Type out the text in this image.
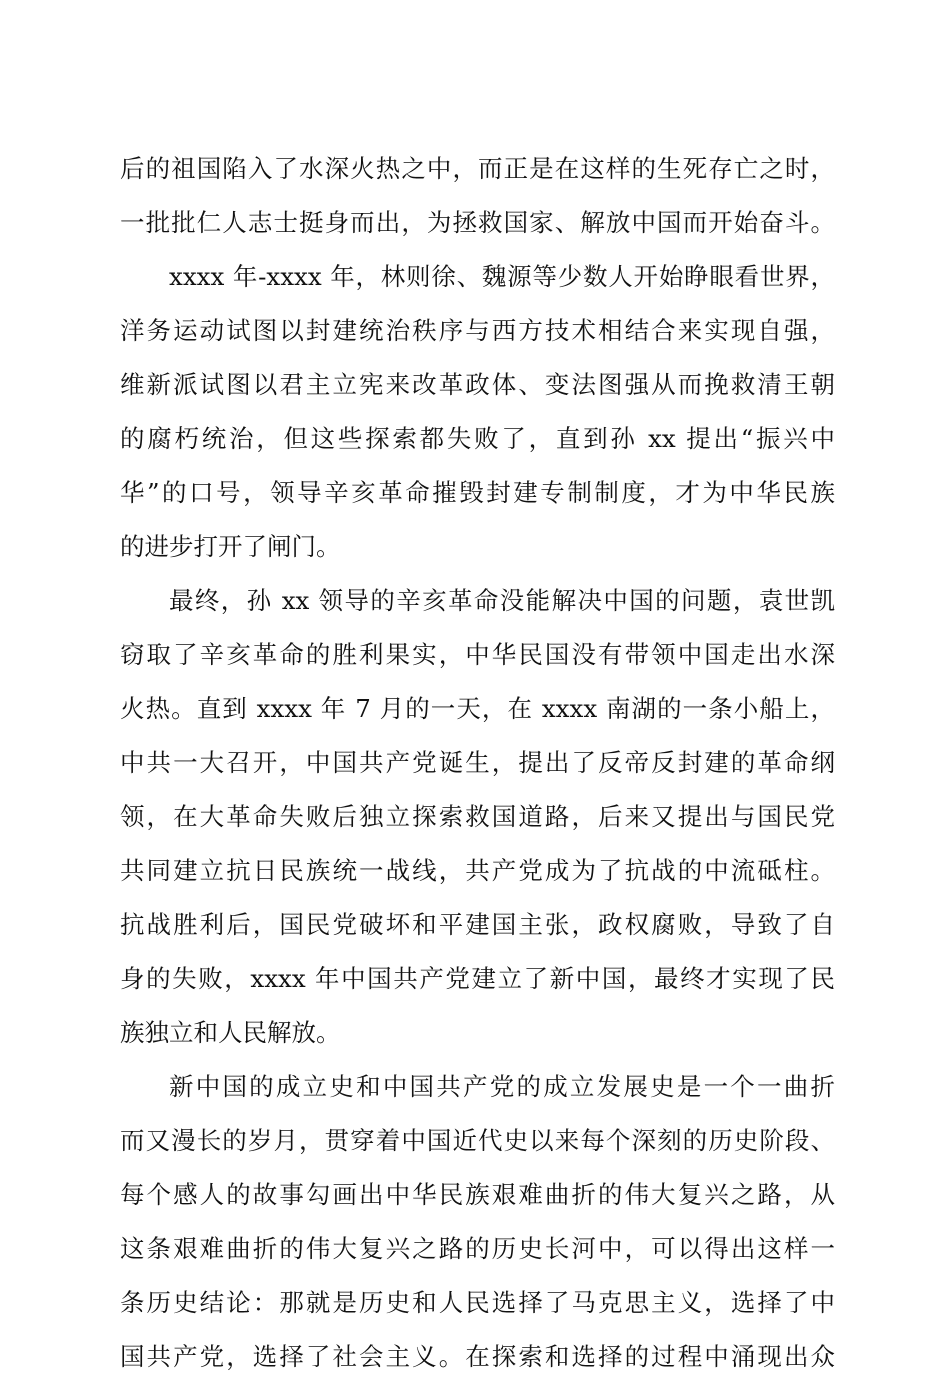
后的祖国陷入了水深火热之中，而正是在这样的生死存亡之时，
一批批仁人志士挺身而出，为拯救国家、解放中国而开始奋斗。
xxxx 年-xxxx 年，林则徐、魏源等少数人开始睁眼看世界，
洋务运动试图以封建统治秩序与西方技术相结合来实现自强，
维新派试图以君主立宪来改革政体、变法图强从而挽救清王朝
的腐朽统治，但这些探索都失败了，直到孙 xx 提出“振兴中
华”的口号，领导辛亥革命摧毁封建专制制度，才为中华民族
的进步打开了闸门。
最终，孙 xx 领导的辛亥革命没能解决中国的问题，袁世凯
窃取了辛亥革命的胜利果实，中华民国没有带领中国走出水深
火热。直到 xxxx 年 7 月的一天，在 xxxx 南湖的一条小船上，
中共一大召开，中国共产党诞生，提出了反帝反封建的革命纲
领，在大革命失败后独立探索救国道路，后来又提出与国民党
共同建立抗日民族统一战线，共产党成为了抗战的中流砥柱。
抗战胜利后，国民党破坏和平建国主张，政权腐败，导致了自
身的失败，xxxx 年中国共产党建立了新中国，最终才实现了民
族独立和人民解放。
新中国的成立史和中国共产党的成立发展史是一个一曲折
而又漫长的岁月，贯穿着中国近代史以来每个深刻的历史阶段、
每个感人的故事勾画出中华民族艰难曲折的伟大复兴之路，从
这条艰难曲折的伟大复兴之路的历史长河中，可以得出这样一
条历史结论：那就是历史和人民选择了马克思主义，选择了中
国共产党，选择了社会主义。在探索和选择的过程中涌现出众
